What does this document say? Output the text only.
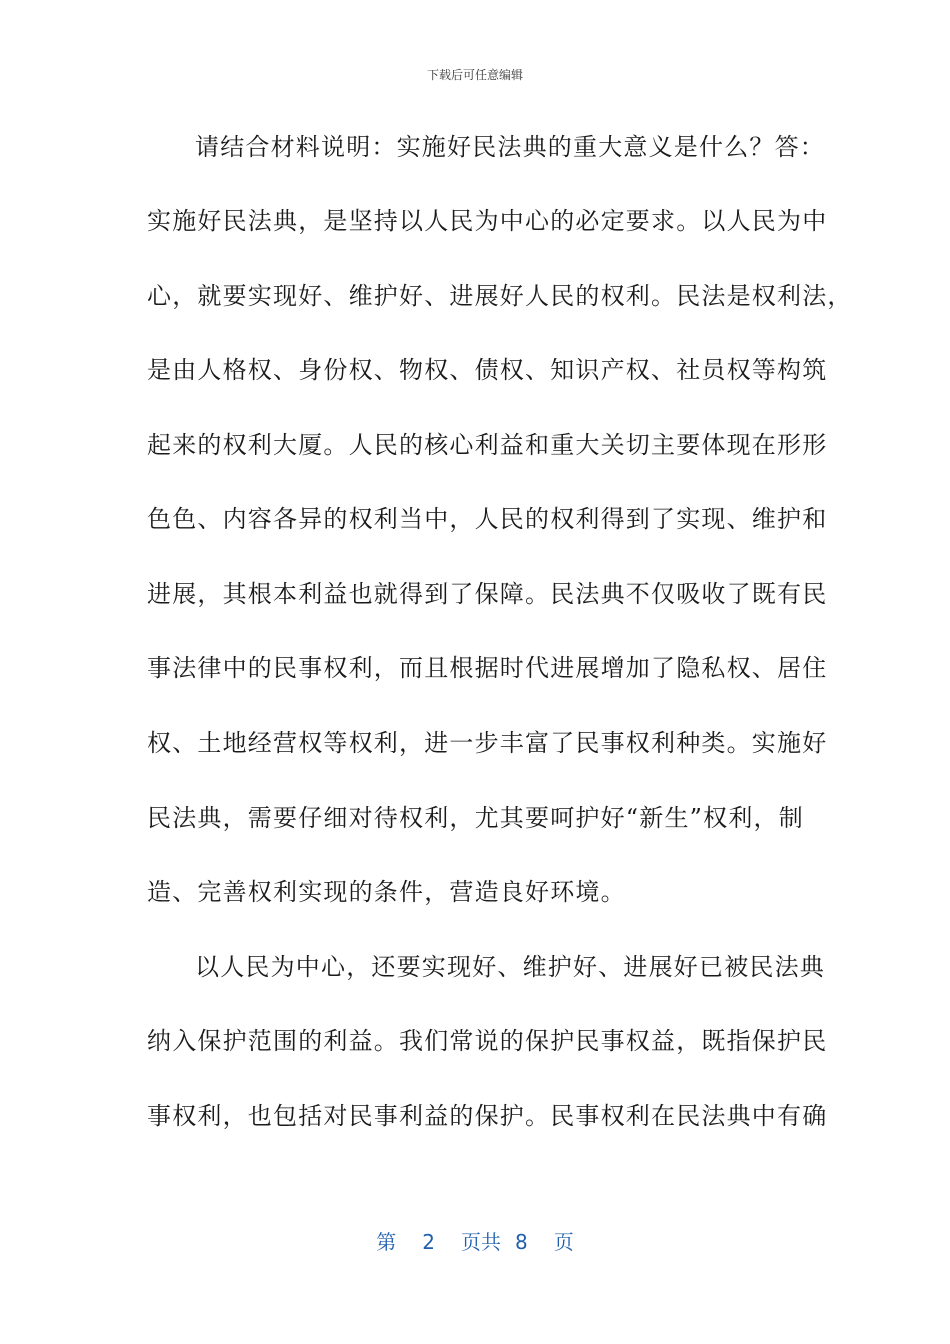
下载后可任意编辑
请结合材料说明：实施好民法典的重大意义是什么？答：
实施好民法典，是坚持以人民为中心的必定要求。以人民为中
心，就要实现好、维护好、进展好人民的权利。民法是权利法，
是由人格权、身份权、物权、债权、知识产权、社员权等构筑
起来的权利大厦。人民的核心利益和重大关切主要体现在形形
色色、内容各异的权利当中，人民的权利得到了实现、维护和
进展，其根本利益也就得到了保障。民法典不仅吸收了既有民
事法律中的民事权利，而且根据时代进展增加了隐私权、居住
权、土地经营权等权利，进一步丰富了民事权利种类。实施好
民法典，需要仔细对待权利，尤其要呵护好“新生”权利，制
造、完善权利实现的条件，营造良好环境。
以人民为中心，还要实现好、维护好、进展好已被民法典
纳入保护范围的利益。我们常说的保护民事权益，既指保护民
事权利，也包括对民事利益的保护。民事权利在民法典中有确
第 2 页共 8 页
